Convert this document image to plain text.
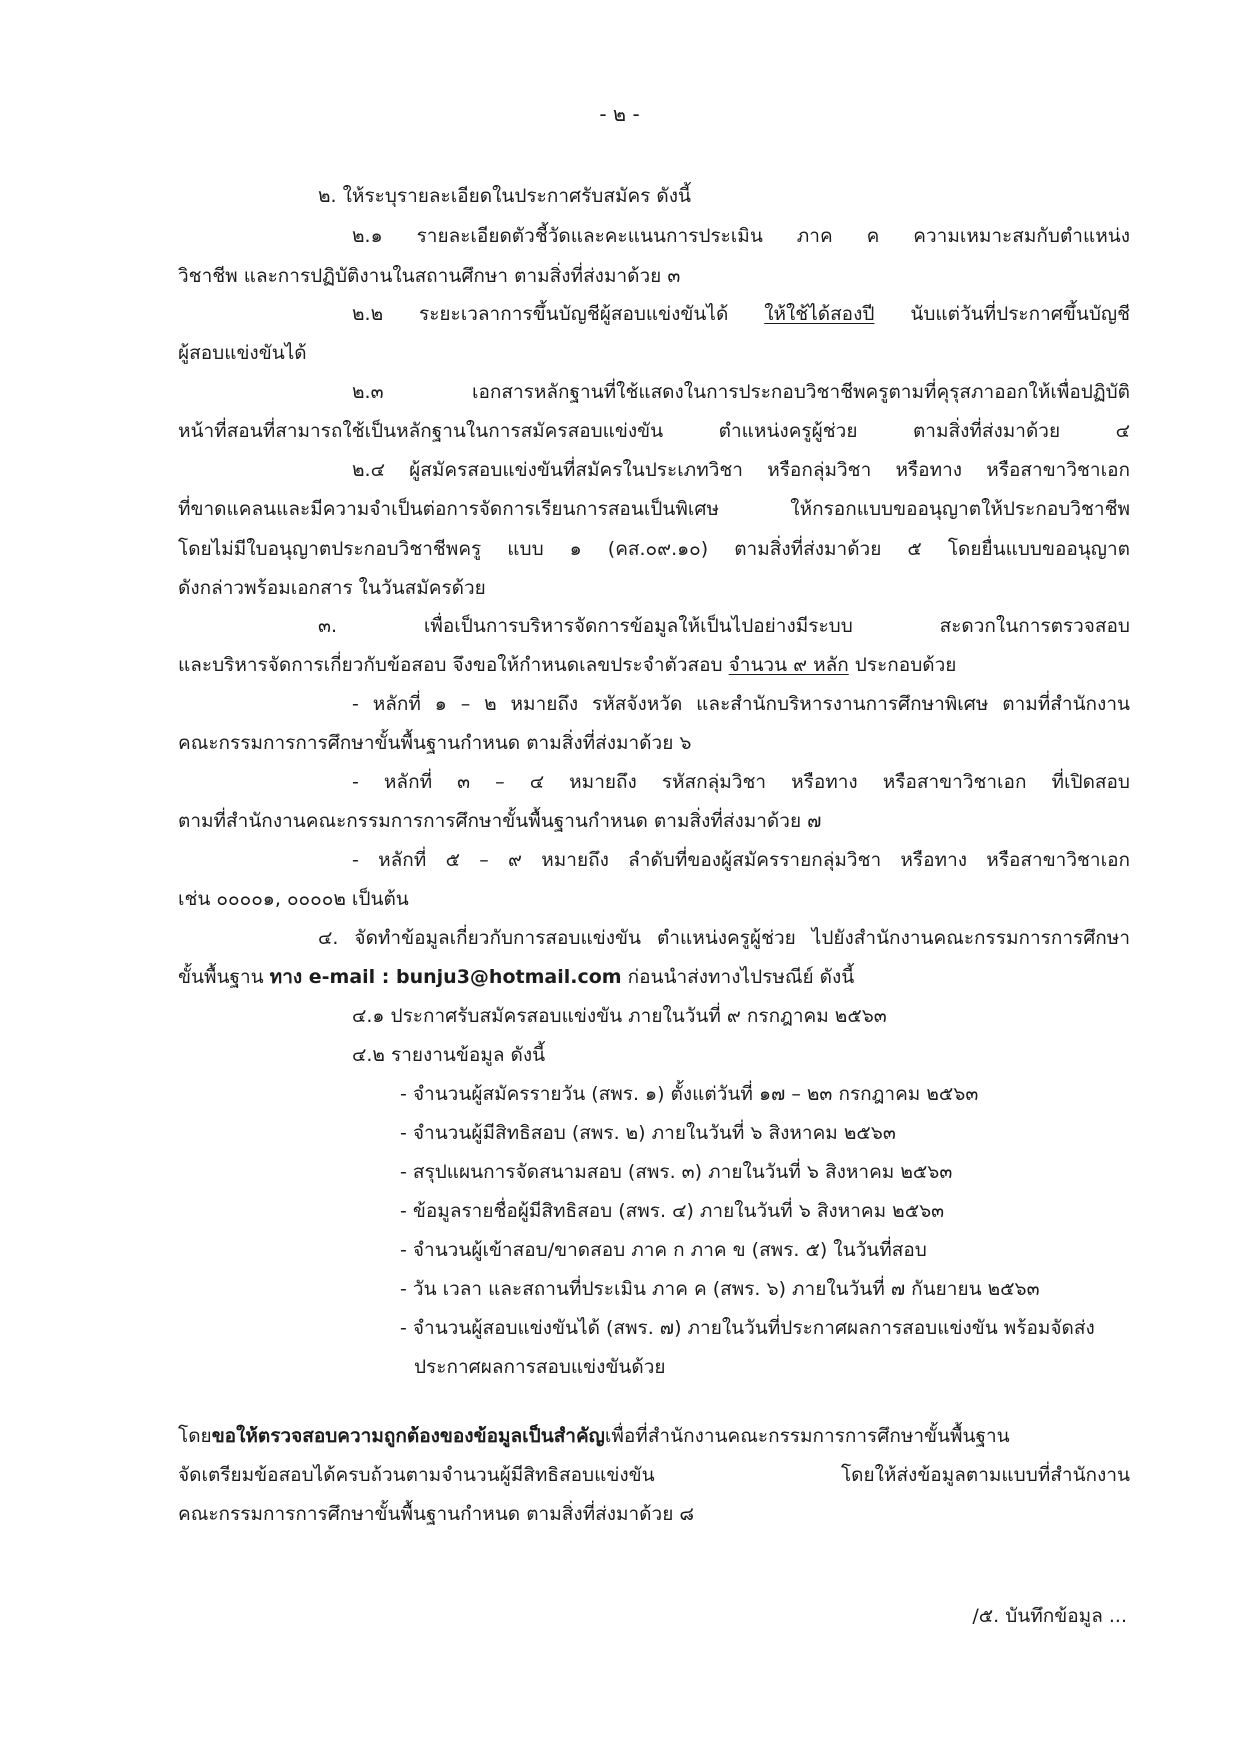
- ๒ -
๒. ให้ระบุรายละเอียดในประกาศรับสมัคร ดังนี้
๒.๑ รายละเอียดตัวชี้วัดและคะแนนการประเมิน ภาค ค ความเหมาะสมกับตำแหน่ง
วิชาชีพ และการปฏิบัติงานในสถานศึกษา ตามสิ่งที่ส่งมาด้วย ๓
๒.๒ ระยะเวลาการขึ้นบัญชีผู้สอบแข่งขันได้ ให้ใช้ได้สองปี นับแต่วันที่ประกาศขึ้นบัญชี
ผู้สอบแข่งขันได้
๒.๓ เอกสารหลักฐานที่ใช้แสดงในการประกอบวิชาชีพครูตามที่คุรุสภาออกให้เพื่อปฏิบัติ
หน้าที่สอนที่สามารถใช้เป็นหลักฐานในการสมัครสอบแข่งขัน ตำแหน่งครูผู้ช่วย ตามสิ่งที่ส่งมาด้วย ๔
๒.๔ ผู้สมัครสอบแข่งขันที่สมัครในประเภทวิชา หรือกลุ่มวิชา หรือทาง หรือสาขาวิชาเอก
ที่ขาดแคลนและมีความจำเป็นต่อการจัดการเรียนการสอนเป็นพิเศษ ให้กรอกแบบขออนุญาตให้ประกอบวิชาชีพ
โดยไม่มีใบอนุญาตประกอบวิชาชีพครู แบบ ๑ (คส.๐๙.๑๐) ตามสิ่งที่ส่งมาด้วย ๕ โดยยื่นแบบขออนุญาต
ดังกล่าวพร้อมเอกสาร ในวันสมัครด้วย
๓. เพื่อเป็นการบริหารจัดการข้อมูลให้เป็นไปอย่างมีระบบ สะดวกในการตรวจสอบ
และบริหารจัดการเกี่ยวกับข้อสอบ จึงขอให้กำหนดเลขประจำตัวสอบ จำนวน ๙ หลัก ประกอบด้วย
- หลักที่ ๑ – ๒ หมายถึง รหัสจังหวัด และสำนักบริหารงานการศึกษาพิเศษ ตามที่สำนักงาน
คณะกรรมการการศึกษาขั้นพื้นฐานกำหนด ตามสิ่งที่ส่งมาด้วย ๖
- หลักที่ ๓ – ๔ หมายถึง รหัสกลุ่มวิชา หรือทาง หรือสาขาวิชาเอก ที่เปิดสอบ
ตามที่สำนักงานคณะกรรมการการศึกษาขั้นพื้นฐานกำหนด ตามสิ่งที่ส่งมาด้วย ๗
- หลักที่ ๕ – ๙ หมายถึง ลำดับที่ของผู้สมัครรายกลุ่มวิชา หรือทาง หรือสาขาวิชาเอก
เช่น ๐๐๐๐๑, ๐๐๐๐๒ เป็นต้น
๔. จัดทำข้อมูลเกี่ยวกับการสอบแข่งขัน ตำแหน่งครูผู้ช่วย ไปยังสำนักงานคณะกรรมการการศึกษา
ขั้นพื้นฐาน ทาง e-mail : bunju3@hotmail.com ก่อนนำส่งทางไปรษณีย์ ดังนี้
๔.๑ ประกาศรับสมัครสอบแข่งขัน ภายในวันที่ ๙ กรกฎาคม ๒๕๖๓
๔.๒ รายงานข้อมูล ดังนี้
- จำนวนผู้สมัครรายวัน (สพร. ๑) ตั้งแต่วันที่ ๑๗ – ๒๓ กรกฎาคม ๒๕๖๓
- จำนวนผู้มีสิทธิสอบ (สพร. ๒) ภายในวันที่ ๖ สิงหาคม ๒๕๖๓
- สรุปแผนการจัดสนามสอบ (สพร. ๓) ภายในวันที่ ๖ สิงหาคม ๒๕๖๓
- ข้อมูลรายชื่อผู้มีสิทธิสอบ (สพร. ๔) ภายในวันที่ ๖ สิงหาคม ๒๕๖๓
- จำนวนผู้เข้าสอบ/ขาดสอบ ภาค ก ภาค ข (สพร. ๕) ในวันที่สอบ
- วัน เวลา และสถานที่ประเมิน ภาค ค (สพร. ๖) ภายในวันที่ ๗ กันยายน ๒๕๖๓
- จำนวนผู้สอบแข่งขันได้ (สพร. ๗) ภายในวันที่ประกาศผลการสอบแข่งขัน พร้อมจัดส่ง
ประกาศผลการสอบแข่งขันด้วย
โดยขอให้ตรวจสอบความถูกต้องของข้อมูลเป็นสำคัญเพื่อที่สำนักงานคณะกรรมการการศึกษาขั้นพื้นฐาน
จัดเตรียมข้อสอบได้ครบถ้วนตามจำนวนผู้มีสิทธิสอบแข่งขัน โดยให้ส่งข้อมูลตามแบบที่สำนักงาน
คณะกรรมการการศึกษาขั้นพื้นฐานกำหนด ตามสิ่งที่ส่งมาด้วย ๘
/๕. บันทึกข้อมูล ...
